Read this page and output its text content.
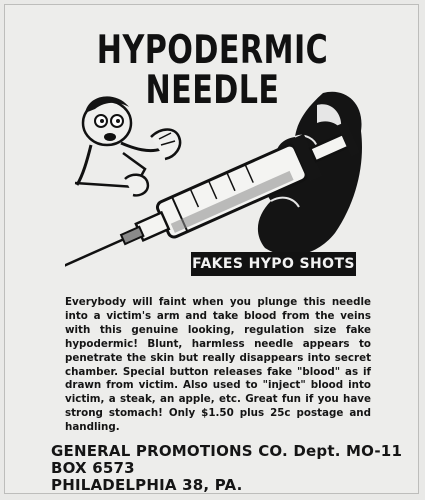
HYPODERMIC NEEDLE
FAKES HYPO SHOTS

Everybody will faint when you plunge this needle into a victim's arm and take blood from the veins with this genuine looking, regulation size fake hypodermic! Blunt, harmless needle appears to penetrate the skin but really disappears into secret chamber. Special button releases fake "blood" as if drawn from victim. Also used to "inject" blood into victim, a steak, an apple, etc. Great fun if you have strong stomach! Only $1.50 plus 25c postage and handling.

GENERAL PROMOTIONS CO. Dept. MO-11
BOX 6573
PHILADELPHIA 38, PA.
